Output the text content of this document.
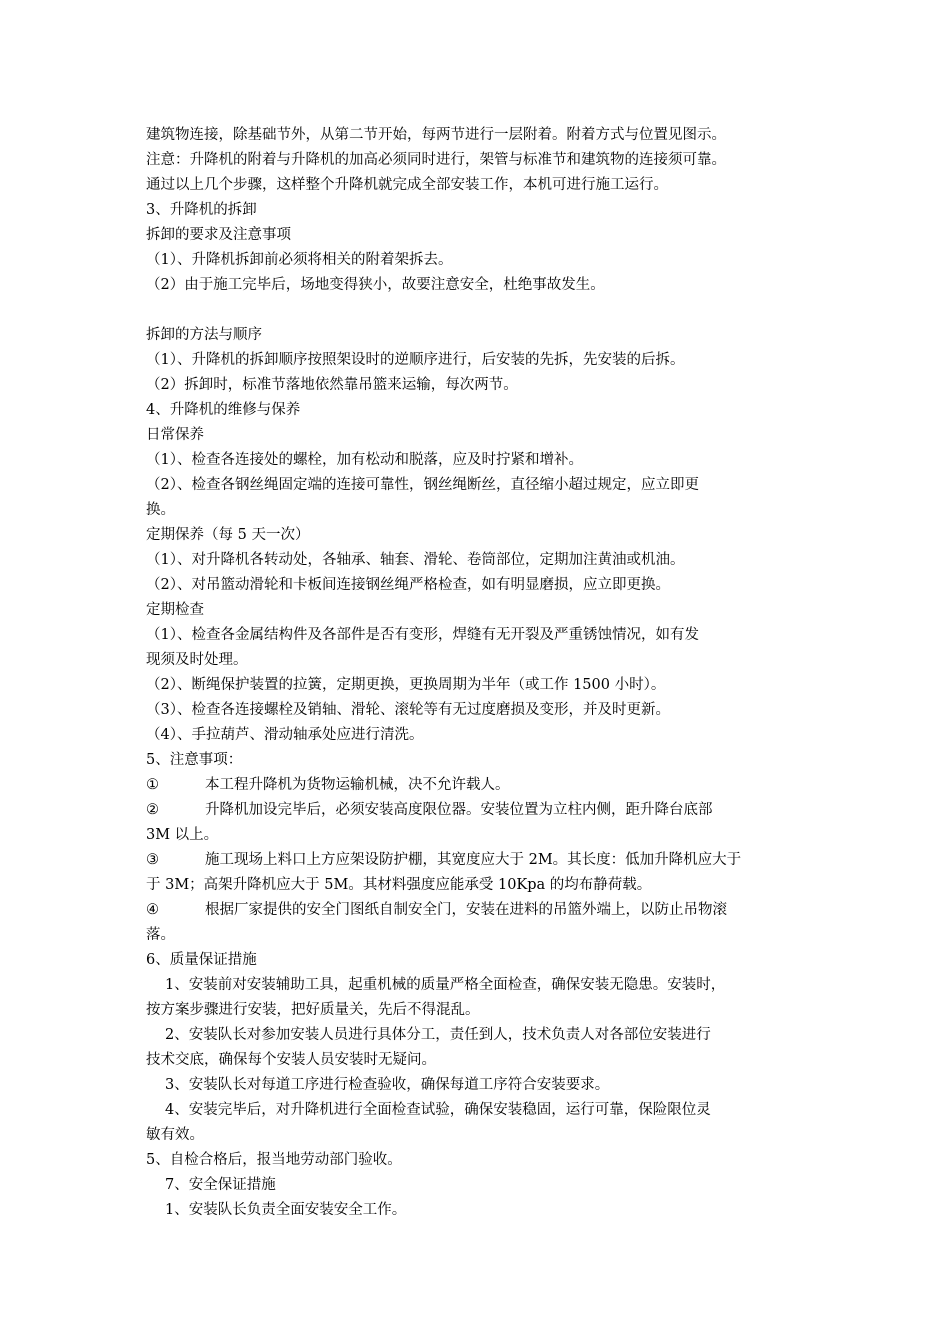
建筑物连接，除基础节外，从第二节开始，每两节进行一层附着。附着方式与位置见图示。
注意：升降机的附着与升降机的加高必须同时进行，架管与标准节和建筑物的连接须可靠。
通过以上几个步骤，这样整个升降机就完成全部安装工作，本机可进行施工运行。
3、升降机的拆卸
拆卸的要求及注意事项
（1）、升降机拆卸前必须将相关的附着架拆去。
（2）由于施工完毕后，场地变得狭小，故要注意安全，杜绝事故发生。
拆卸的方法与顺序
（1）、升降机的拆卸顺序按照架设时的逆顺序进行，后安装的先拆，先安装的后拆。
（2）拆卸时，标准节落地依然靠吊篮来运输，每次两节。
4、升降机的维修与保养
日常保养
（1）、检查各连接处的螺栓，加有松动和脱落，应及时拧紧和增补。
（2）、检查各钢丝绳固定端的连接可靠性，钢丝绳断丝，直径缩小超过规定，应立即更
换。
定期保养（每 5 天一次）
（1）、对升降机各转动处，各轴承、轴套、滑轮、卷筒部位，定期加注黄油或机油。
（2）、对吊篮动滑轮和卡板间连接钢丝绳严格检查，如有明显磨损，应立即更换。
定期检查
（1）、检查各金属结构件及各部件是否有变形，焊缝有无开裂及严重锈蚀情况，如有发
现须及时处理。
（2）、断绳保护装置的拉簧，定期更换，更换周期为半年（或工作 1500 小时）。
（3）、检查各连接螺栓及销轴、滑轮、滚轮等有无过度磨损及变形，并及时更新。
（4）、手拉葫芦、滑动轴承处应进行清洗。
5、注意事项：
①	本工程升降机为货物运输机械，决不允许载人。
②	升降机加设完毕后，必须安装高度限位器。安装位置为立柱内侧，距升降台底部
3M 以上。
③	施工现场上料口上方应架设防护棚，其宽度应大于 2M。其长度：低加升降机应大于
于 3M；高架升降机应大于 5M。其材料强度应能承受 10Kpa 的均布静荷载。
④	根据厂家提供的安全门图纸自制安全门，安装在进料的吊篮外端上，以防止吊物滚
落。
6、质量保证措施
1、安装前对安装辅助工具，起重机械的质量严格全面检查，确保安装无隐患。安装时，
按方案步骤进行安装，把好质量关，先后不得混乱。
2、安装队长对参加安装人员进行具体分工，责任到人，技术负责人对各部位安装进行
技术交底，确保每个安装人员安装时无疑问。
3、安装队长对每道工序进行检查验收，确保每道工序符合安装要求。
4、安装完毕后，对升降机进行全面检查试验，确保安装稳固，运行可靠，保险限位灵
敏有效。
5、自检合格后，报当地劳动部门验收。
7、安全保证措施
1、安装队长负责全面安装安全工作。
